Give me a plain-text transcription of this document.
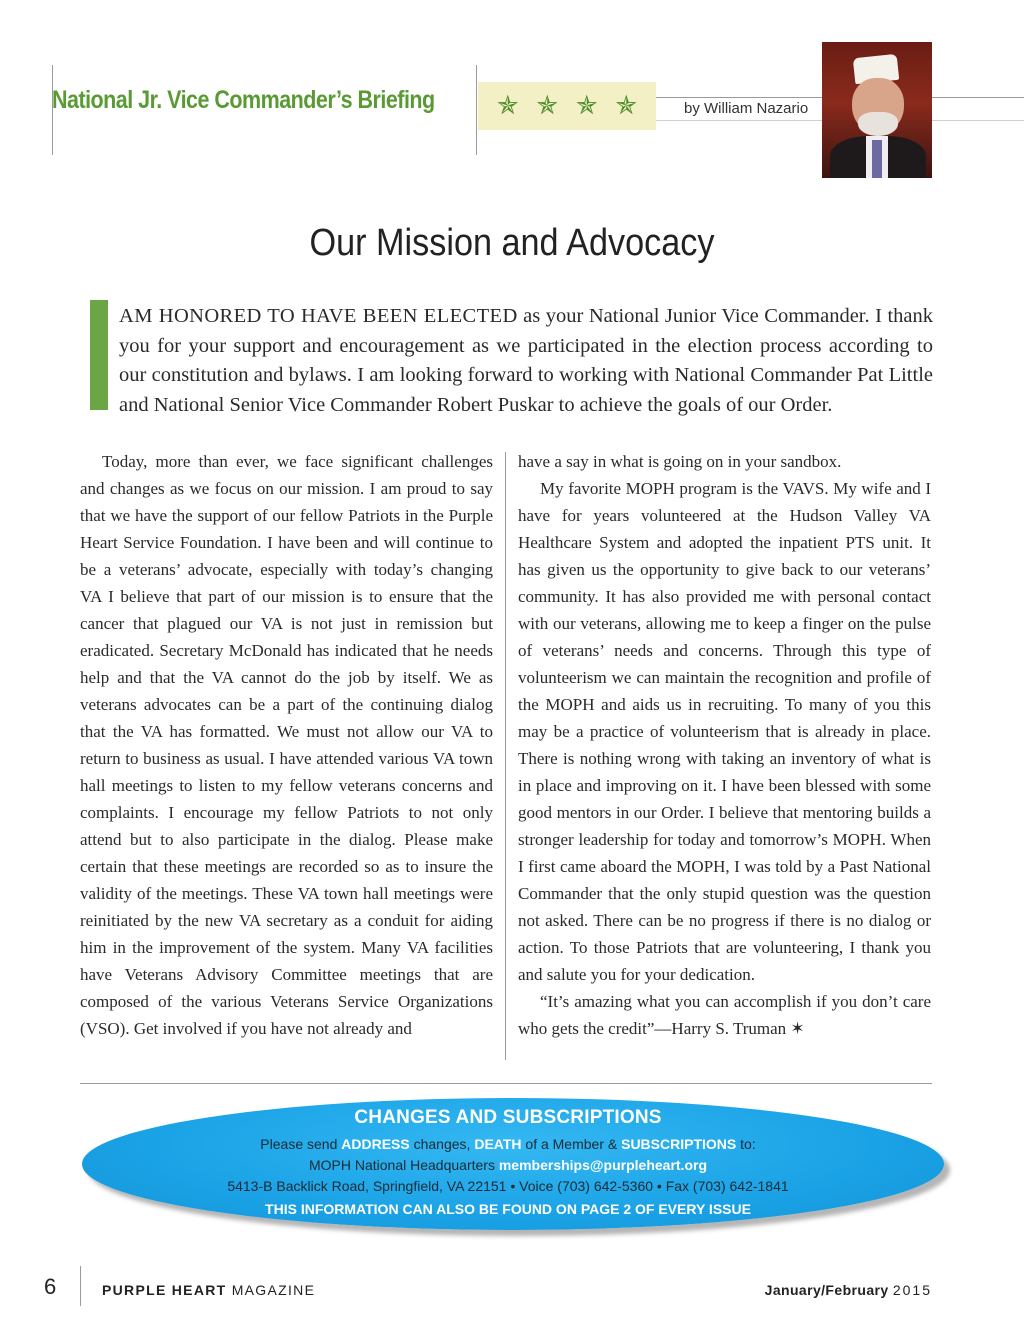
National Jr. Vice Commander’s Briefing ✯ ✯ ✯ ✯	by William Nazario
Our Mission and Advocacy
AM HONORED TO HAVE BEEN ELECTED as your National Junior Vice Commander. I thank you for your support and encouragement as we participated in the election process according to our constitution and bylaws. I am looking forward to working with National Commander Pat Little and National Senior Vice Commander Robert Puskar to achieve the goals of our Order.

Today, more than ever, we face significant challenges and changes as we focus on our mission. I am proud to say that we have the support of our fellow Patriots in the Purple Heart Service Foundation. I have been and will continue to be a veterans’ advocate, especially with today’s changing VA I believe that part of our mission is to ensure that the cancer that plagued our VA is not just in remission but eradicated. Secretary McDonald has indicated that he needs help and that the VA cannot do the job by itself. We as veterans advocates can be a part of the continuing dialog that the VA has formatted. We must not allow our VA to return to business as usual. I have attended various VA town hall meetings to listen to my fellow veterans concerns and complaints. I encourage my fellow Patriots to not only attend but to also participate in the dialog. Please make certain that these meetings are recorded so as to insure the validity of the meetings. These VA town hall meetings were reinitiated by the new VA secretary as a conduit for aiding him in the improvement of the system. Many VA facilities have Veterans Advisory Committee meetings that are composed of the various Veterans Service Organizations (VSO). Get involved if you have not already and

have a say in what is going on in your sandbox.

My favorite MOPH program is the VAVS. My wife and I have for years volunteered at the Hudson Valley VA Healthcare System and adopted the inpatient PTS unit. It has given us the opportunity to give back to our veterans’ community. It has also provided me with personal contact with our veterans, allowing me to keep a finger on the pulse of veterans’ needs and concerns. Through this type of volunteerism we can maintain the recognition and profile of the MOPH and aids us in recruiting. To many of you this may be a practice of volunteerism that is already in place. There is nothing wrong with taking an inventory of what is in place and improving on it. I have been blessed with some good mentors in our Order. I believe that mentoring builds a stronger leadership for today and tomorrow’s MOPH. When I first came aboard the MOPH, I was told by a Past National Commander that the only stupid question was the question not asked. There can be no progress if there is no dialog or action. To those Patriots that are volunteering, I thank you and salute you for your dedication.

“It’s amazing what you can accomplish if you don’t care who gets the credit”—Harry S. Truman ✶

CHANGES AND SUBSCRIPTIONS
Please send ADDRESS changes, DEATH of a Member & SUBSCRIPTIONS to:
MOPH National Headquarters memberships@purpleheart.org
5413-B Backlick Road, Springfield, VA 22151 • Voice (703) 642-5360 • Fax (703) 642-1841
THIS INFORMATION CAN ALSO BE FOUND ON PAGE 2 OF EVERY ISSUE
6	PURPLE HEART MAGAZINE	January/February 2015
